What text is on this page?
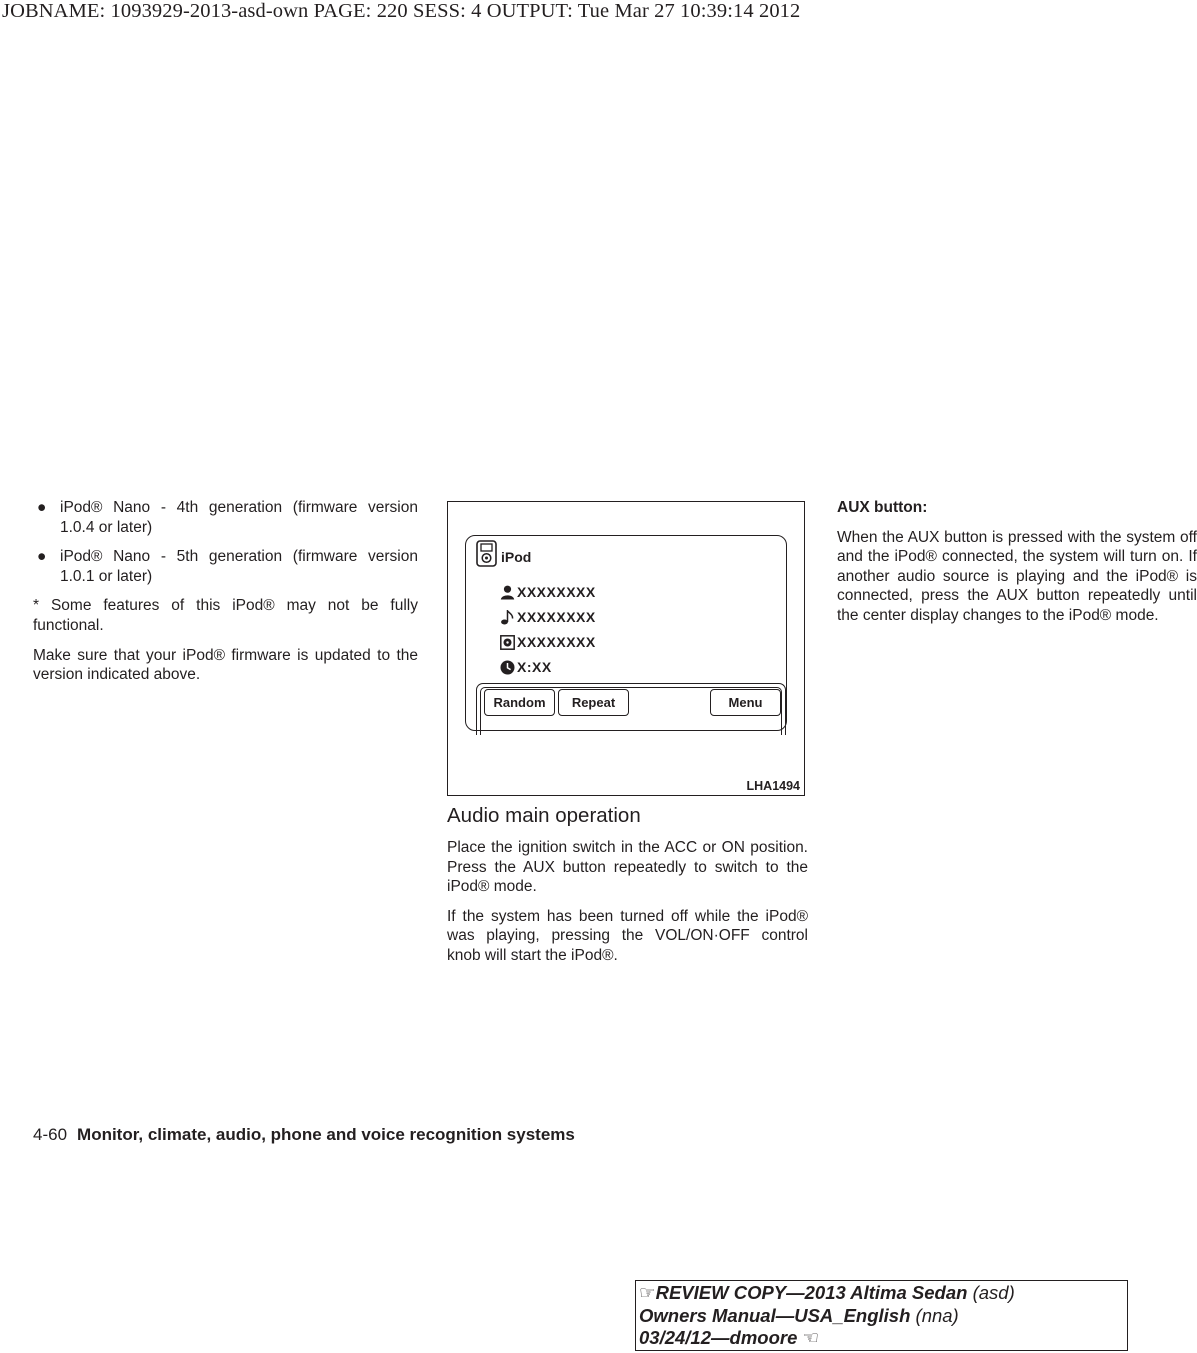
JOBNAME: 1093929-2013-asd-own PAGE: 220 SESS: 4 OUTPUT: Tue Mar 27 10:39:14 2012
● iPod® Nano - 4th generation (firmware version 1.0.4 or later)
● iPod® Nano - 5th generation (firmware version 1.0.1 or later)

* Some features of this iPod® may not be fully functional.

Make sure that your iPod® firmware is updated to the version indicated above.

iPod
XXXXXXXX
XXXXXXXX
XXXXXXXX
X:XX
Random	Repeat	Menu
LHA1494
Audio main operation

Place the ignition switch in the ACC or ON position. Press the AUX button repeatedly to switch to the iPod® mode.

If the system has been turned off while the iPod® was playing, pressing the VOL/ON·OFF control knob will start the iPod®.

AUX button:

When the AUX button is pressed with the system off and the iPod® connected, the system will turn on. If another audio source is playing and the iPod® is connected, press the AUX button repeatedly until the center display changes to the iPod® mode.

4-60 Monitor, climate, audio, phone and voice recognition systems
☞REVIEW COPY—2013 Altima Sedan (asd)
Owners Manual—USA_English (nna)
03/24/12—dmoore ☜
